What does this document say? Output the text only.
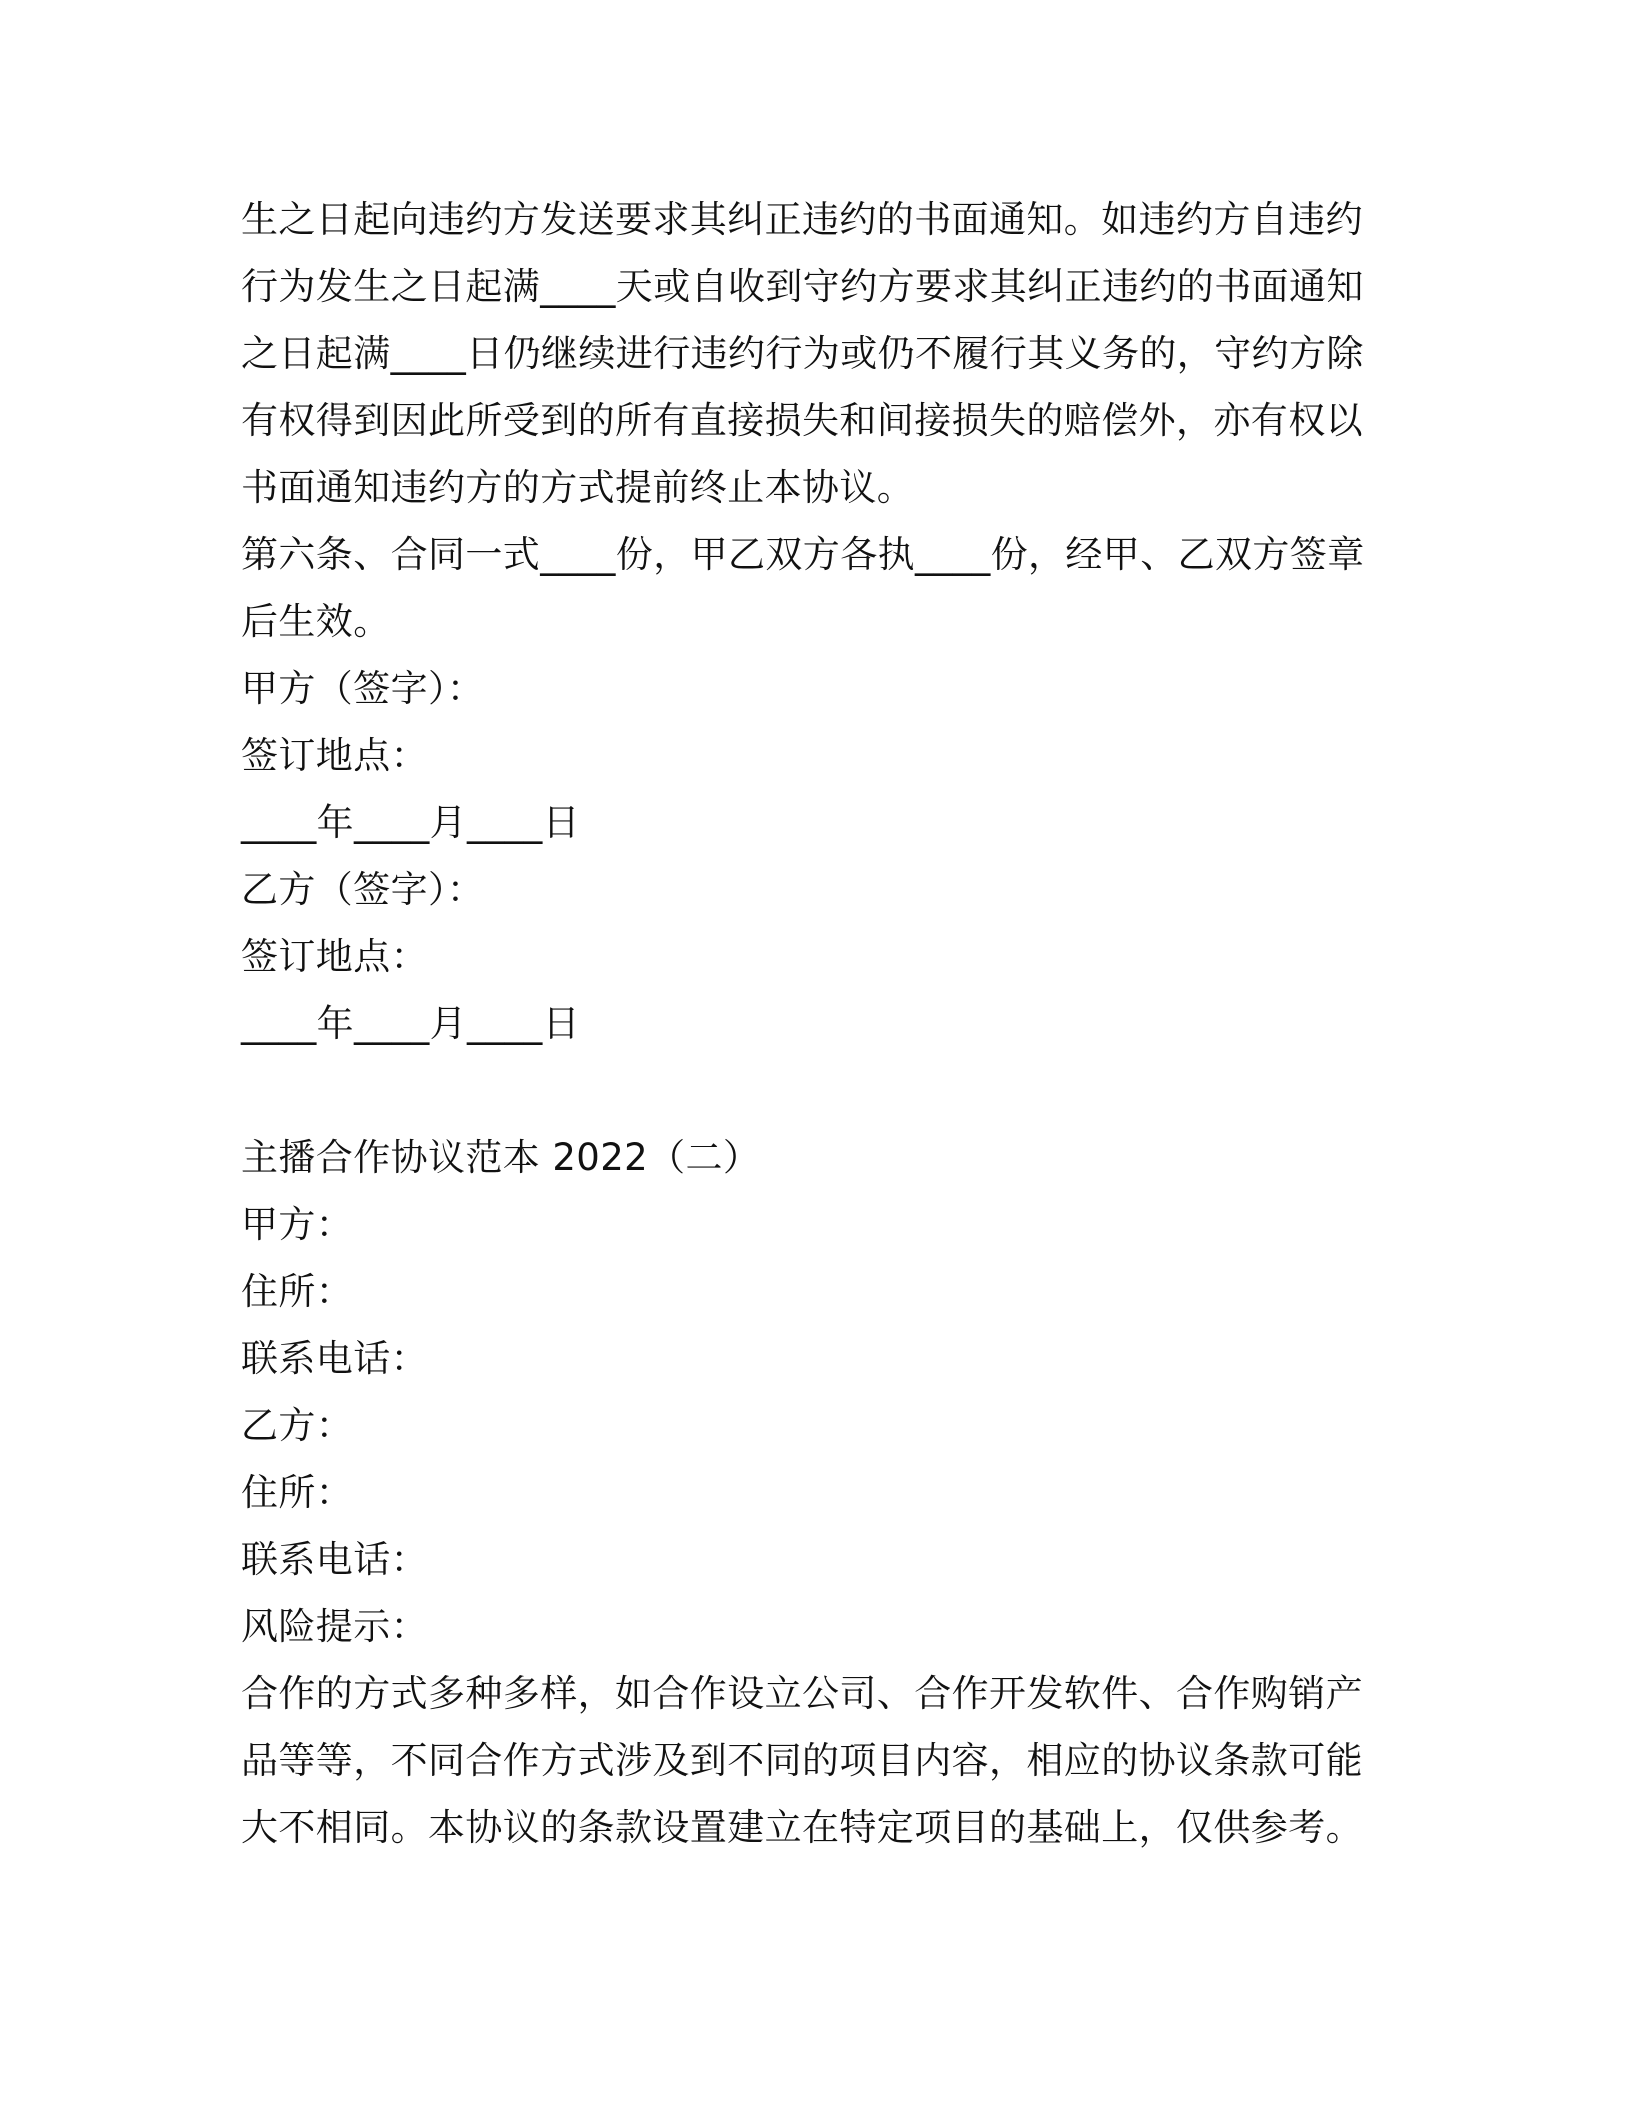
生之日起向违约方发送要求其纠正违约的书面通知。如违约方自违约
行为发生之日起满____天或自收到守约方要求其纠正违约的书面通知
之日起满____日仍继续进行违约行为或仍不履行其义务的，守约方除
有权得到因此所受到的所有直接损失和间接损失的赔偿外，亦有权以
书面通知违约方的方式提前终止本协议。
第六条、合同一式____份，甲乙双方各执____份，经甲、乙双方签章
后生效。
甲方（签字）：
签订地点：
____年____月____日
乙方（签字）：
签订地点：
____年____月____日
主播合作协议范本 2022（二）
甲方：
住所：
联系电话：
乙方：
住所：
联系电话：
风险提示：
合作的方式多种多样，如合作设立公司、合作开发软件、合作购销产
品等等，不同合作方式涉及到不同的项目内容，相应的协议条款可能
大不相同。本协议的条款设置建立在特定项目的基础上，仅供参考。
